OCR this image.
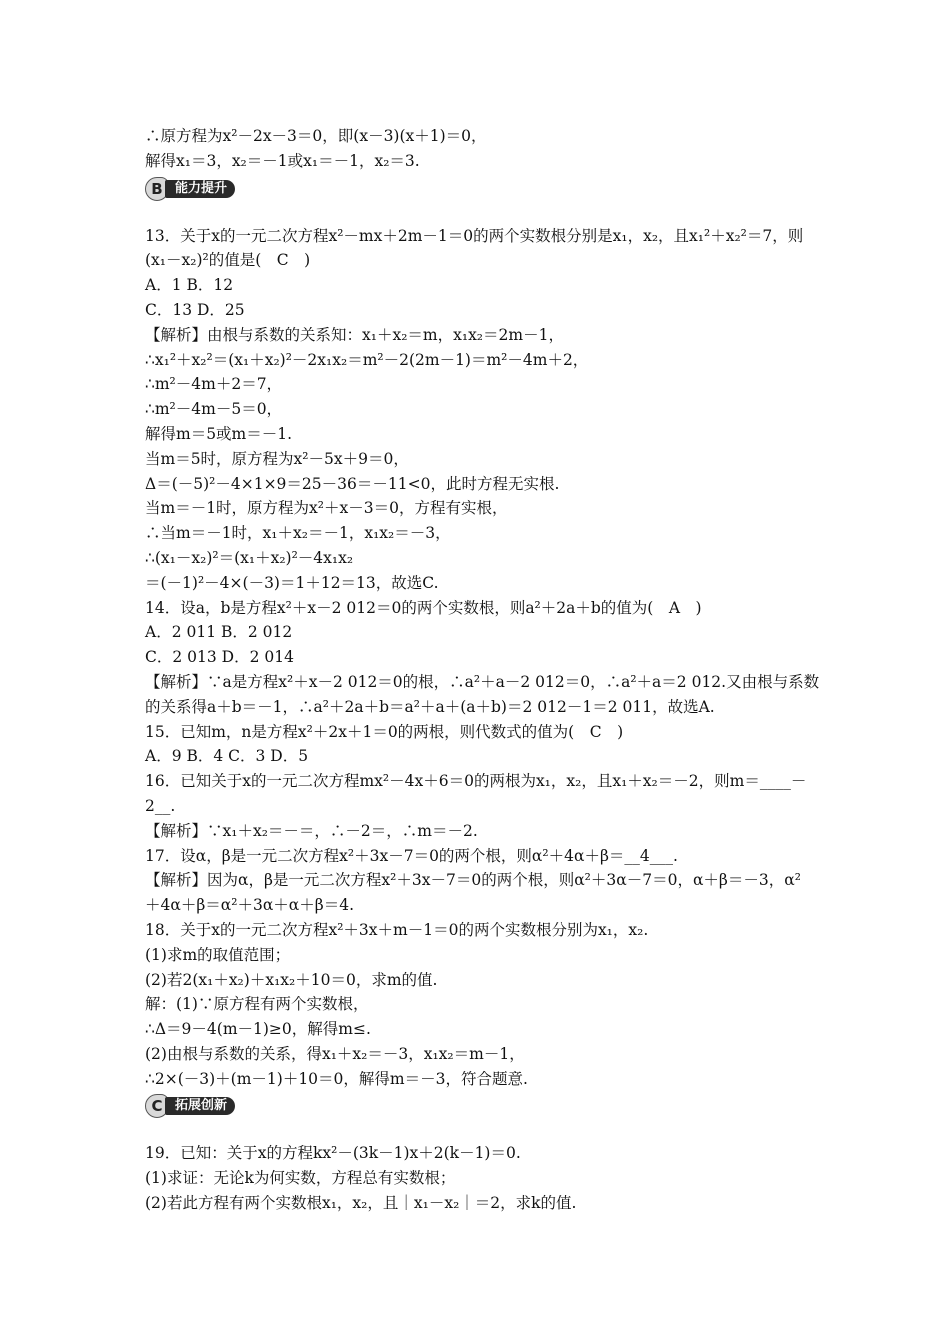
∴原方程为x²－2x－3＝0，即(x－3)(x＋1)＝0，
解得x₁＝3，x₂＝－1或x₁＝－1，x₂＝3.
B 能力提升
13．关于x的一元二次方程x²－mx＋2m－1＝0的两个实数根分别是x₁，x₂，且x₁²＋x₂²＝7，则
(x₁－x₂)²的值是(　C　)
A．1 B．12
C．13 D．25
【解析】由根与系数的关系知：x₁＋x₂＝m，x₁x₂＝2m－1，
∴x₁²＋x₂²＝(x₁＋x₂)²－2x₁x₂＝m²－2(2m－1)＝m²－4m＋2，
∴m²－4m＋2＝7，
∴m²－4m－5＝0，
解得m＝5或m＝－1.
当m＝5时，原方程为x²－5x＋9＝0，
Δ＝(－5)²－4×1×9＝25－36＝－11<0，此时方程无实根.
当m＝－1时，原方程为x²＋x－3＝0，方程有实根，
∴当m＝－1时，x₁＋x₂＝－1，x₁x₂＝－3，
∴(x₁－x₂)²＝(x₁＋x₂)²－4x₁x₂
＝(－1)²－4×(－3)＝1＋12＝13，故选C.
14．设a，b是方程x²＋x－2 012＝0的两个实数根，则a²＋2a＋b的值为(　A　)
A．2 011 B．2 012
C．2 013 D．2 014
【解析】∵a是方程x²＋x－2 012＝0的根，∴a²＋a－2 012＝0，∴a²＋a＝2 012.又由根与系数
的关系得a＋b＝－1，∴a²＋2a＋b＝a²＋a＋(a＋b)＝2 012－1＝2 011，故选A.
15．已知m，n是方程x²＋2x＋1＝0的两根，则代数式的值为(　C　)
A．9 B．4 C．3 D．5
16．已知关于x的一元二次方程mx²－4x＋6＝0的两根为x₁，x₂，且x₁＋x₂＝－2，则m＝____－
2__.
【解析】∵x₁＋x₂＝－＝，∴－2＝，∴m＝－2.
17．设α，β是一元二次方程x²＋3x－7＝0的两个根，则α²＋4α＋β＝__4___.
【解析】因为α，β是一元二次方程x²＋3x－7＝0的两个根，则α²＋3α－7＝0，α＋β＝－3，α²
＋4α＋β＝α²＋3α＋α＋β＝4.
18．关于x的一元二次方程x²＋3x＋m－1＝0的两个实数根分别为x₁，x₂.
(1)求m的取值范围；
(2)若2(x₁＋x₂)＋x₁x₂＋10＝0，求m的值.
解：(1)∵原方程有两个实数根，
∴Δ＝9－4(m－1)≥0，解得m≤.
(2)由根与系数的关系，得x₁＋x₂＝－3，x₁x₂＝m－1，
∴2×(－3)＋(m－1)＋10＝0，解得m＝－3，符合题意.
C 拓展创新
19．已知：关于x的方程kx²－(3k－1)x＋2(k－1)＝0.
(1)求证：无论k为何实数，方程总有实数根；
(2)若此方程有两个实数根x₁，x₂，且｜x₁－x₂｜＝2，求k的值.
